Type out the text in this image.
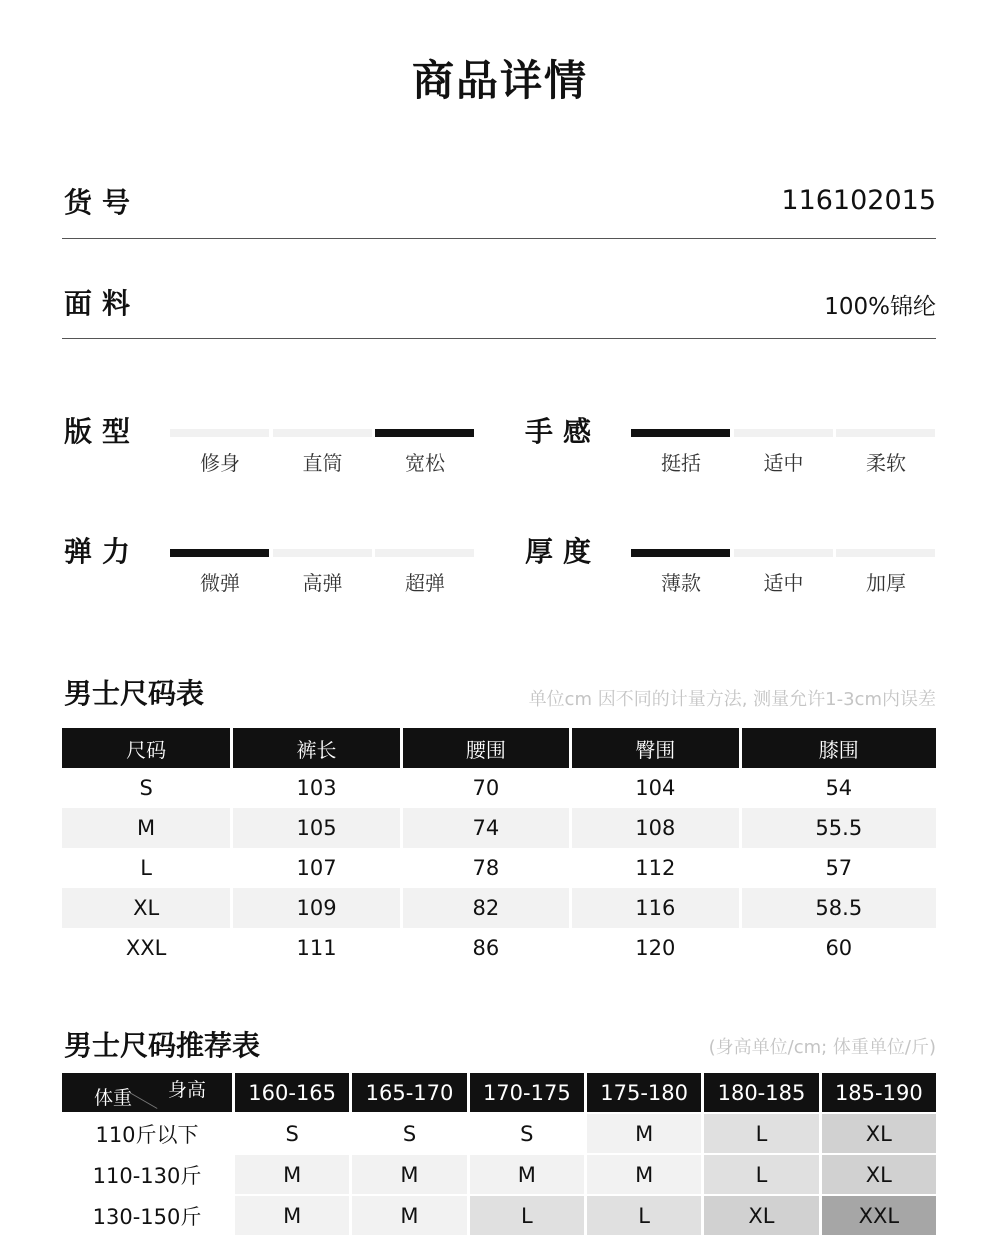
商品详情
货号	116102015
面料	100%锦纶
版型
修身	直筒	宽松
手感
挺括	适中	柔软
弹力
微弹	高弹	超弹
厚度
薄款	适中	加厚
男士尺码表	单位cm 因不同的计量方法, 测量允许1-3cm内误差
尺码	裤长	腰围	臀围	膝围
S	103	70	104	54
M	105	74	108	55.5
L	107	78	112	57
XL	109	82	116	58.5
XXL	111	86	120	60
男士尺码推荐表	(身高单位/cm; 体重单位/斤)
体重 身高	160-165	165-170	170-175	175-180	180-185	185-190
110斤以下	S	S	S	M	L	XL
110-130斤	M	M	M	M	L	XL
130-150斤	M	M	L	L	XL	XXL
